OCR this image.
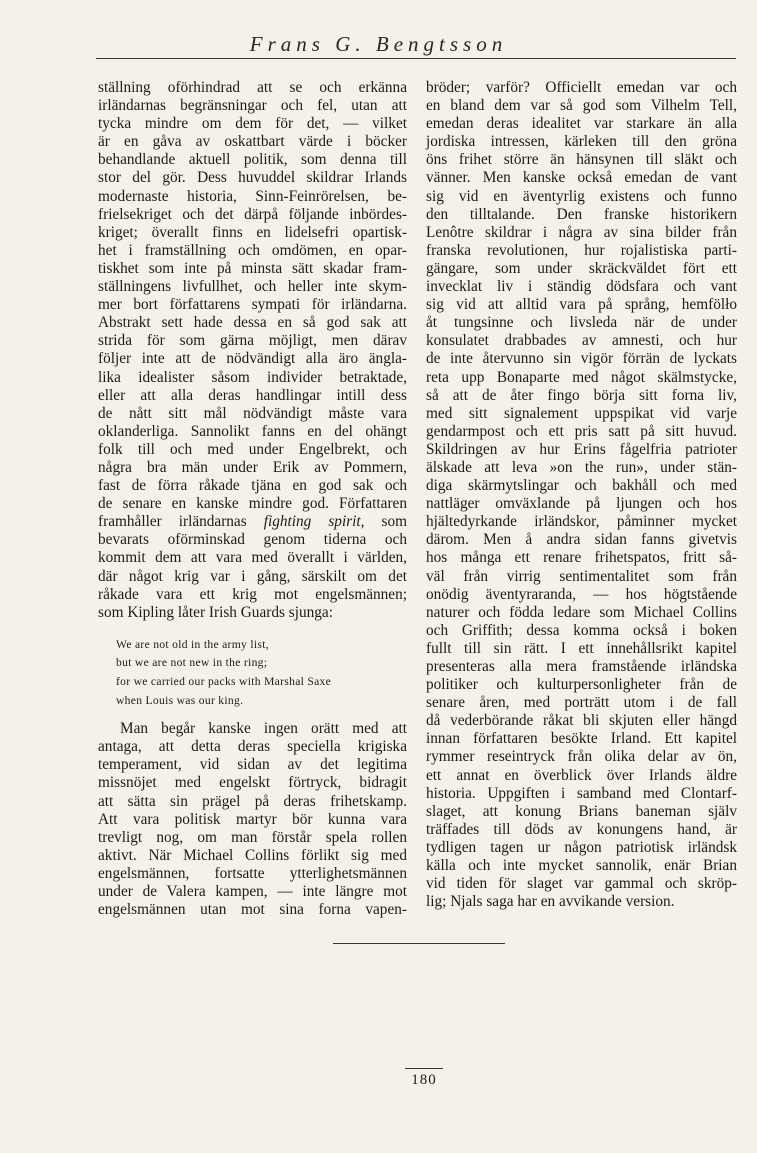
Frans G. Bengtsson

ställning oförhindrad att se och erkänna
irländarnas begränsningar och fel, utan att
tycka mindre om dem för det, — vilket
är en gåva av oskattbart värde i böcker
behandlande aktuell politik, som denna till
stor del gör. Dess huvuddel skildrar Irlands
modernaste historia, Sinn-Feinrörelsen, be-
frielsekriget och det därpå följande inbördes-
kriget; överallt finns en lidelsefri opartisk-
het i framställning och omdömen, en opar-
tiskhet som inte på minsta sätt skadar fram-
ställningens livfullhet, och heller inte skym-
mer bort författarens sympati för irländarna.
Abstrakt sett hade dessa en så god sak att
strida för som gärna möjligt, men därav
följer inte att de nödvändigt alla äro ängla-
lika idealister såsom individer betraktade,
eller att alla deras handlingar intill dess
de nått sitt mål nödvändigt måste vara
oklanderliga. Sannolikt fanns en del ohängt
folk till och med under Engelbrekt, och
några bra män under Erik av Pommern,
fast de förra råkade tjäna en god sak och
de senare en kanske mindre god. Författaren
framhåller irländarnas fighting spirit, som
bevarats oförminskad genom tiderna och
kommit dem att vara med överallt i världen,
där något krig var i gång, särskilt om det
råkade vara ett krig mot engelsmännen;
som Kipling låter Irish Guards sjunga:

We are not old in the army list,
but we are not new in the ring;
for we carried our packs with Marshal Saxe
when Louis was our king.

Man begår kanske ingen orätt med att
antaga, att detta deras speciella krigiska
temperament, vid sidan av det legitima
missnöjet med engelskt förtryck, bidragit
att sätta sin prägel på deras frihetskamp.
Att vara politisk martyr bör kunna vara
trevligt nog, om man förstår spela rollen
aktivt. När Michael Collins förlikt sig med
engelsmännen, fortsatte ytterlighetsmännen
under de Valera kampen, — inte längre mot
engelsmännen utan mot sina forna vapen-

bröder; varför? Officiellt emedan var och
en bland dem var så god som Vilhelm Tell,
emedan deras idealitet var starkare än alla
jordiska intressen, kärleken till den gröna
öns frihet större än hänsynen till släkt och
vänner. Men kanske också emedan de vant
sig vid en äventyrlig existens och funno
den tilltalande. Den franske historikern
Lenôtre skildrar i några av sina bilder från
franska revolutionen, hur rojalistiska parti-
gängare, som under skräckväldet fört ett
invecklat liv i ständig dödsfara och vant
sig vid att alltid vara på språng, hemfölło
åt tungsinne och livsleda när de under
konsulatet drabbades av amnesti, och hur
de inte återvunno sin vigör förrän de lyckats
reta upp Bonaparte med något skälmstycke,
så att de åter fingo börja sitt forna liv,
med sitt signalement uppspikat vid varje
gendarmpost och ett pris satt på sitt huvud.
Skildringen av hur Erins fågelfria patrioter
älskade att leva »on the run», under stän-
diga skärmytslingar och bakhåll och med
nattläger omväxlande på ljungen och hos
hjältedyrkande irländskor, påminner mycket
därom. Men å andra sidan fanns givetvis
hos många ett renare frihetspatos, fritt så-
väl från virrig sentimentalitet som från
onödig äventyraranda, — hos högtstående
naturer och födda ledare som Michael Collins
och Griffith; dessa komma också i boken
fullt till sin rätt. I ett innehållsrikt kapitel
presenteras alla mera framstående irländska
politiker och kulturpersonligheter från de
senare åren, med porträtt utom i de fall
då vederbörande råkat bli skjuten eller hängd
innan författaren besökte Irland. Ett kapitel
rymmer reseintryck från olika delar av ön,
ett annat en överblick över Irlands äldre
historia. Uppgiften i samband med Clontarf-
slaget, att konung Brians baneman själv
träffades till döds av konungens hand, är
tydligen tagen ur någon patriotisk irländsk
källa och inte mycket sannolik, enär Brian
vid tiden för slaget var gammal och skröp-
lig; Njals saga har en avvikande version.

180
